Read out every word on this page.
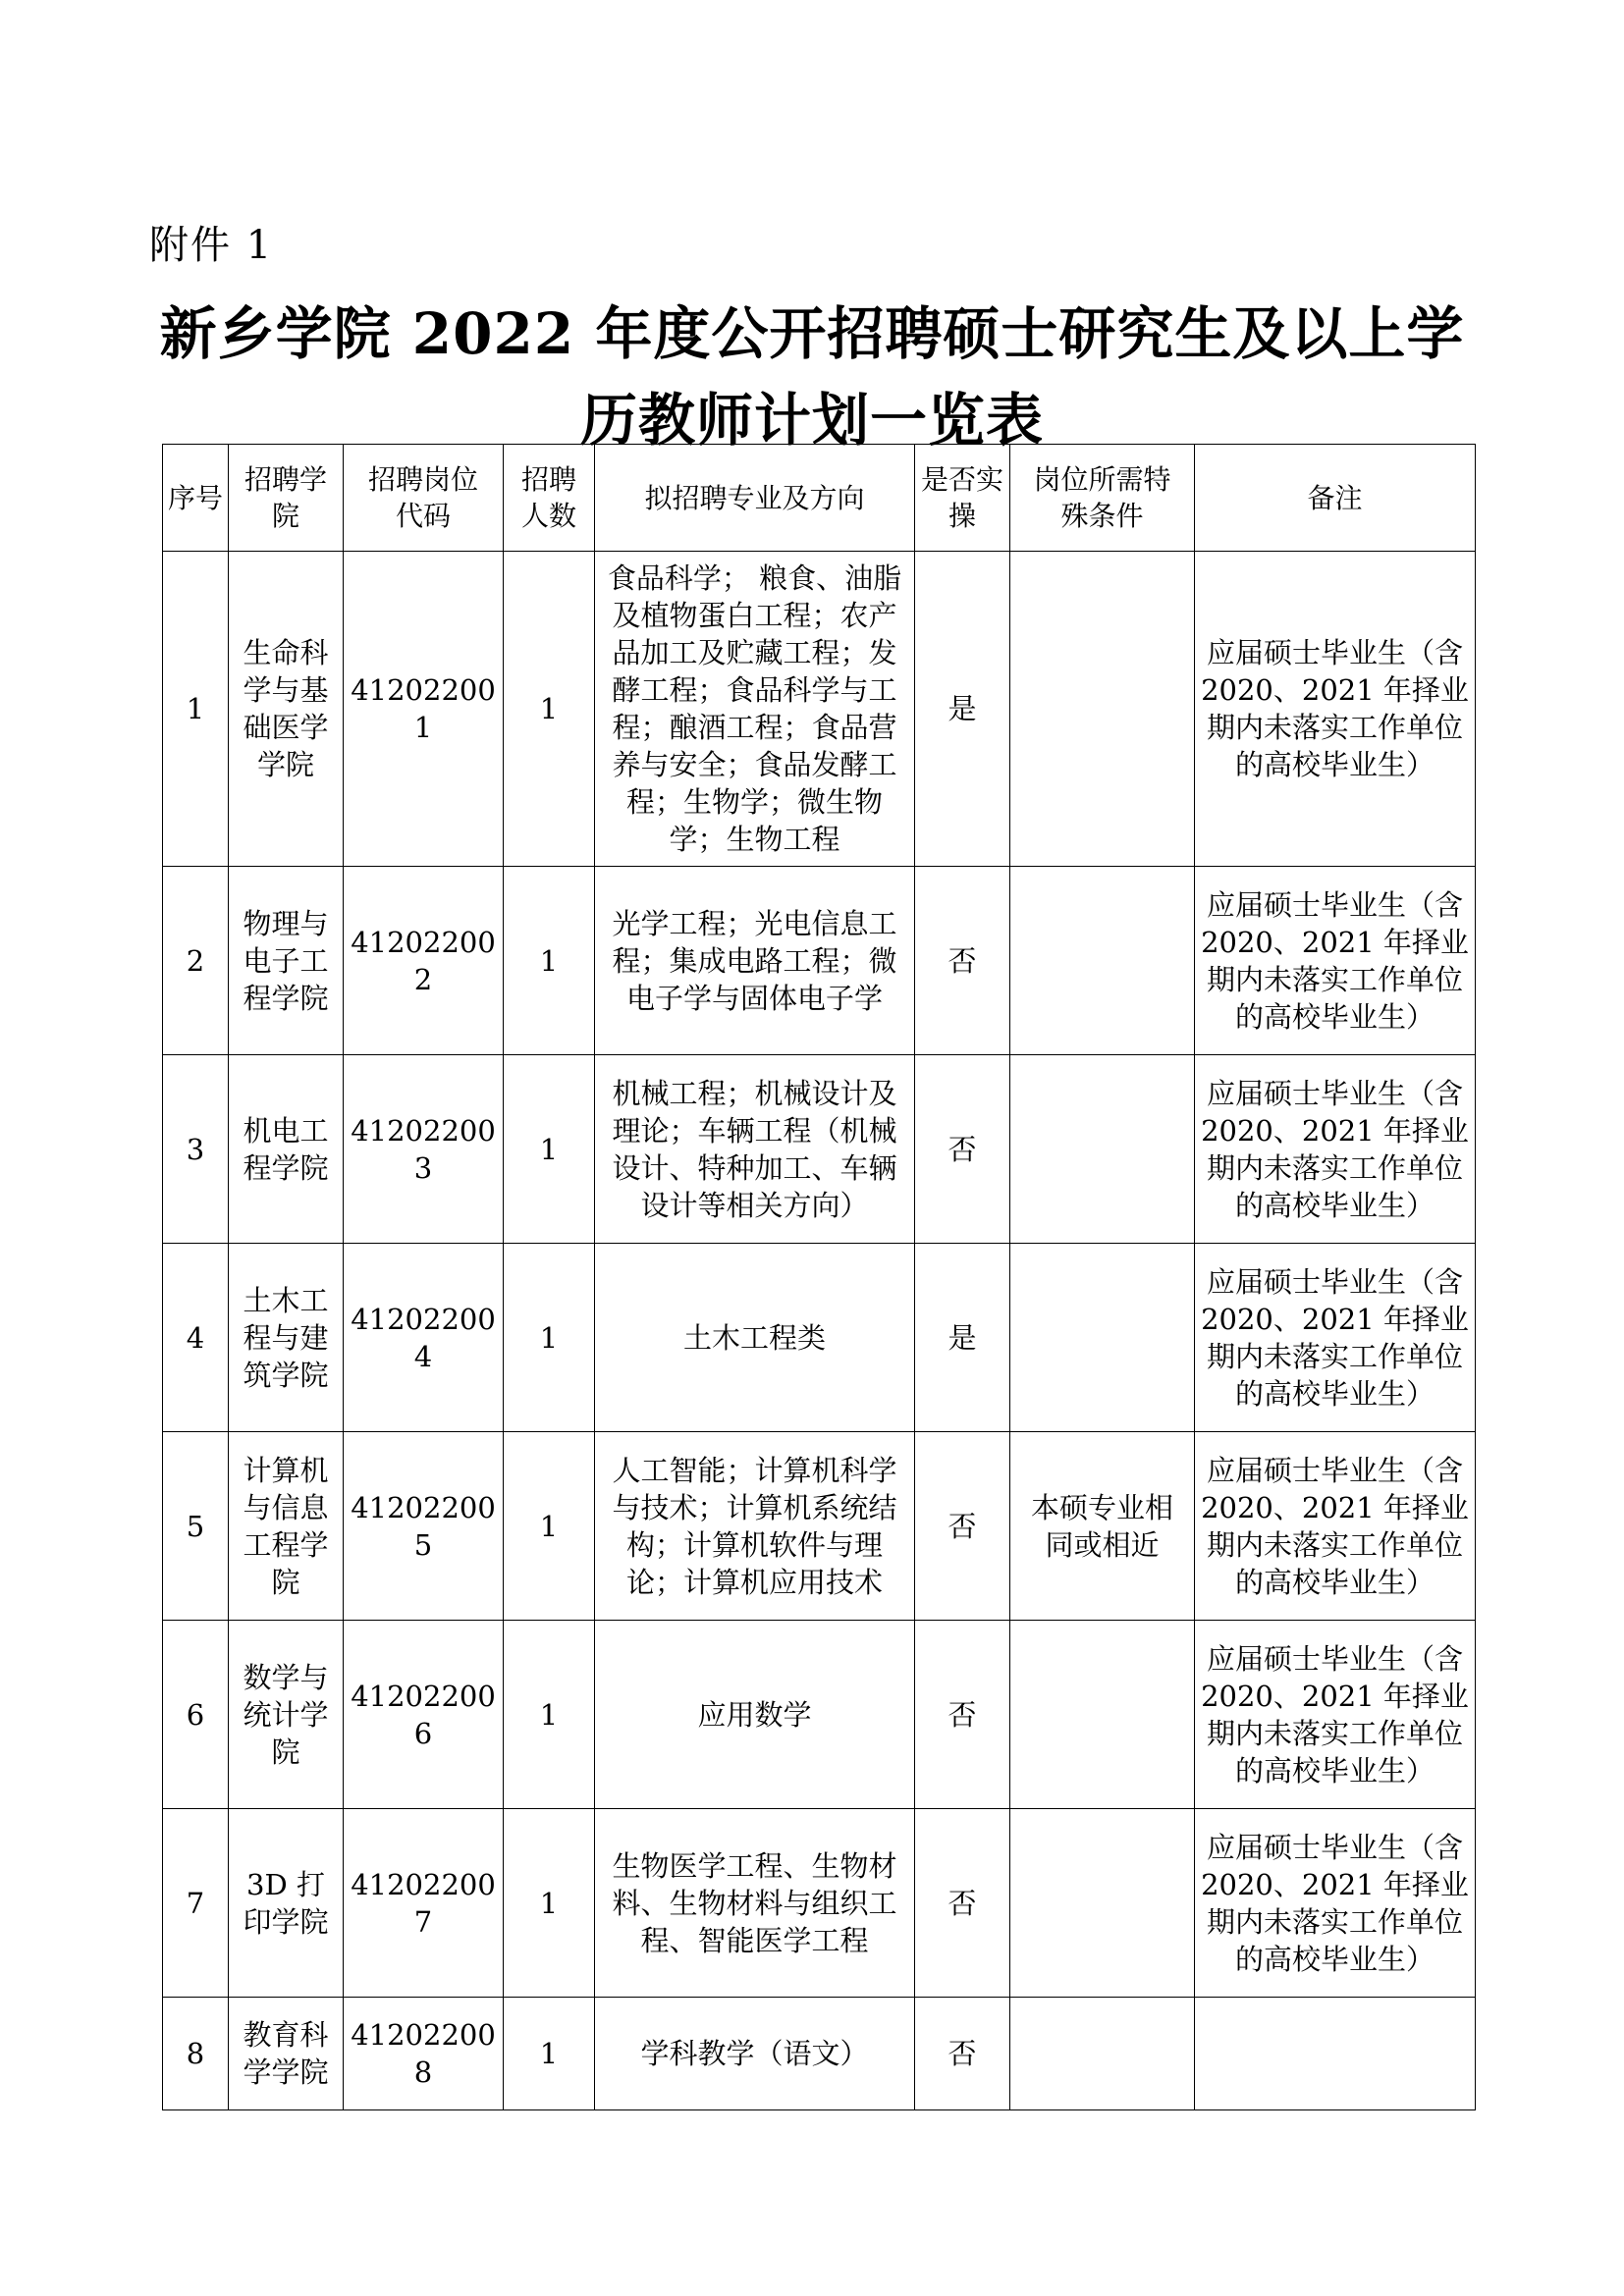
附件 1
新乡学院 2022 年度公开招聘硕士研究生及以上学
历教师计划一览表
序号	招聘学院	招聘岗位代码	招聘人数	拟招聘专业及方向	是否实操	岗位所需特殊条件	备注
1	生命科学与基础医学学院	412022001	1	食品科学； 粮食、油脂及植物蛋白工程；农产品加工及贮藏工程；发酵工程；食品科学与工程；酿酒工程；食品营养与安全；食品发酵工程；生物学；微生物学；生物工程	是		应届硕士毕业生（含 2020、2021 年择业期内未落实工作单位的高校毕业生）
2	物理与电子工程学院	412022002	1	光学工程；光电信息工程；集成电路工程；微电子学与固体电子学	否		应届硕士毕业生（含 2020、2021 年择业期内未落实工作单位的高校毕业生）
3	机电工程学院	412022003	1	机械工程；机械设计及理论；车辆工程（机械设计、特种加工、车辆设计等相关方向）	否		应届硕士毕业生（含 2020、2021 年择业期内未落实工作单位的高校毕业生）
4	土木工程与建筑学院	412022004	1	土木工程类	是		应届硕士毕业生（含 2020、2021 年择业期内未落实工作单位的高校毕业生）
5	计算机与信息工程学院	412022005	1	人工智能；计算机科学与技术；计算机系统结构；计算机软件与理论；计算机应用技术	否	本硕专业相同或相近	应届硕士毕业生（含 2020、2021 年择业期内未落实工作单位的高校毕业生）
6	数学与统计学院	412022006	1	应用数学	否		应届硕士毕业生（含 2020、2021 年择业期内未落实工作单位的高校毕业生）
7	3D 打印学院	412022007	1	生物医学工程、生物材料、生物材料与组织工程、智能医学工程	否		应届硕士毕业生（含 2020、2021 年择业期内未落实工作单位的高校毕业生）
8	教育科学学院	412022008	1	学科教学（语文）	否		
